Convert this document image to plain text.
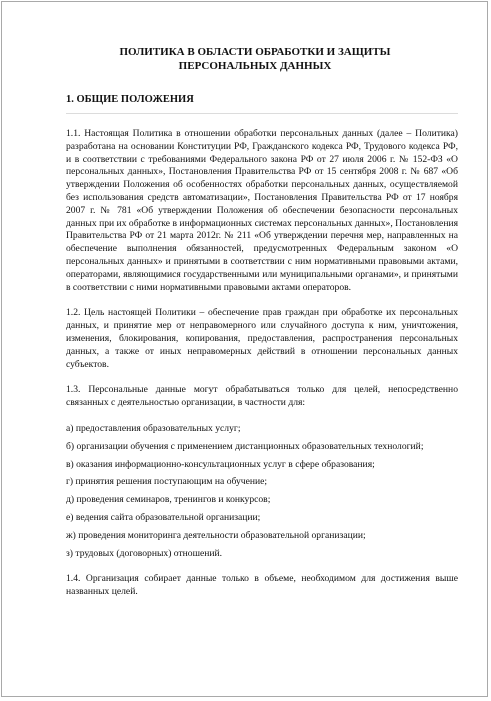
ПОЛИТИКА В ОБЛАСТИ ОБРАБОТКИ И ЗАЩИТЫ
ПЕРСОНАЛЬНЫХ ДАННЫХ
1. ОБЩИЕ ПОЛОЖЕНИЯ

1.1. Настоящая Политика в отношении обработки персональных данных (далее – Политика) разработана на основании Конституции РФ, Гражданского кодекса РФ, Трудового кодекса РФ, и в соответствии с требованиями Федерального закона РФ от 27 июля 2006 г. № 152-ФЗ «О персональных данных», Постановления Правительства РФ от 15 сентября 2008 г. № 687 «Об утверждении Положения об особенностях обработки персональных данных, осуществляемой без использования средств автоматизации», Постановления Правительства РФ от 17 ноября 2007 г. № 781 «Об утверждении Положения об обеспечении безопасности персональных данных при их обработке в информационных системах персональных данных», Постановления Правительства РФ от 21 марта 2012г. № 211 «Об утверждении перечня мер, направленных на обеспечение выполнения обязанностей, предусмотренных Федеральным законом «О персональных данных» и принятыми в соответствии с ним нормативными правовыми актами, операторами, являющимися государственными или муниципальными органами», и принятыми в соответствии с ними нормативными правовыми актами операторов.

1.2. Цель настоящей Политики – обеспечение прав граждан при обработке их персональных данных, и принятие мер от неправомерного или случайного доступа к ним, уничтожения, изменения, блокирования, копирования, предоставления, распространения персональных данных, а также от иных неправомерных действий в отношении персональных данных субъектов.

1.3. Персональные данные могут обрабатываться только для целей, непосредственно связанных с деятельностью организации, в частности для:

а) предоставления образовательных услуг;

б) организации обучения с применением дистанционных образовательных технологий;

в) оказания информационно-консультационных услуг в сфере образования;

г) принятия решения поступающим на обучение;

д) проведения семинаров, тренингов и конкурсов;

е) ведения сайта образовательной организации;

ж) проведения мониторинга деятельности образовательной организации;

з) трудовых (договорных) отношений.

1.4. Организация собирает данные только в объеме, необходимом для достижения выше названных целей.
